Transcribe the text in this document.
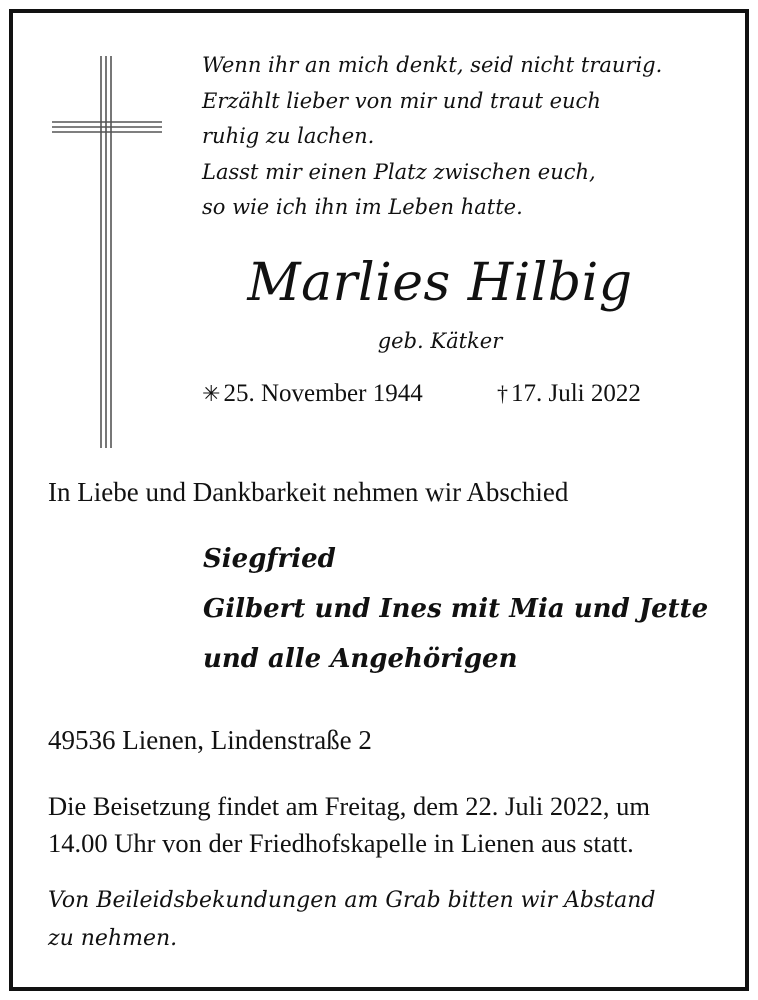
Wenn ihr an mich denkt, seid nicht traurig.
Erzählt lieber von mir und traut euch
ruhig zu lachen.
Lasst mir einen Platz zwischen euch,
so wie ich ihn im Leben hatte.
Marlies Hilbig
geb. Kätker
✳ 25. November 1944	† 17. Juli 2022
In Liebe und Dankbarkeit nehmen wir Abschied
Siegfried
Gilbert und Ines mit Mia und Jette
und alle Angehörigen
49536 Lienen, Lindenstraße 2
Die Beisetzung findet am Freitag, dem 22. Juli 2022, um
14.00 Uhr von der Friedhofskapelle in Lienen aus statt.
Von Beileidsbekundungen am Grab bitten wir Abstand
zu nehmen.
